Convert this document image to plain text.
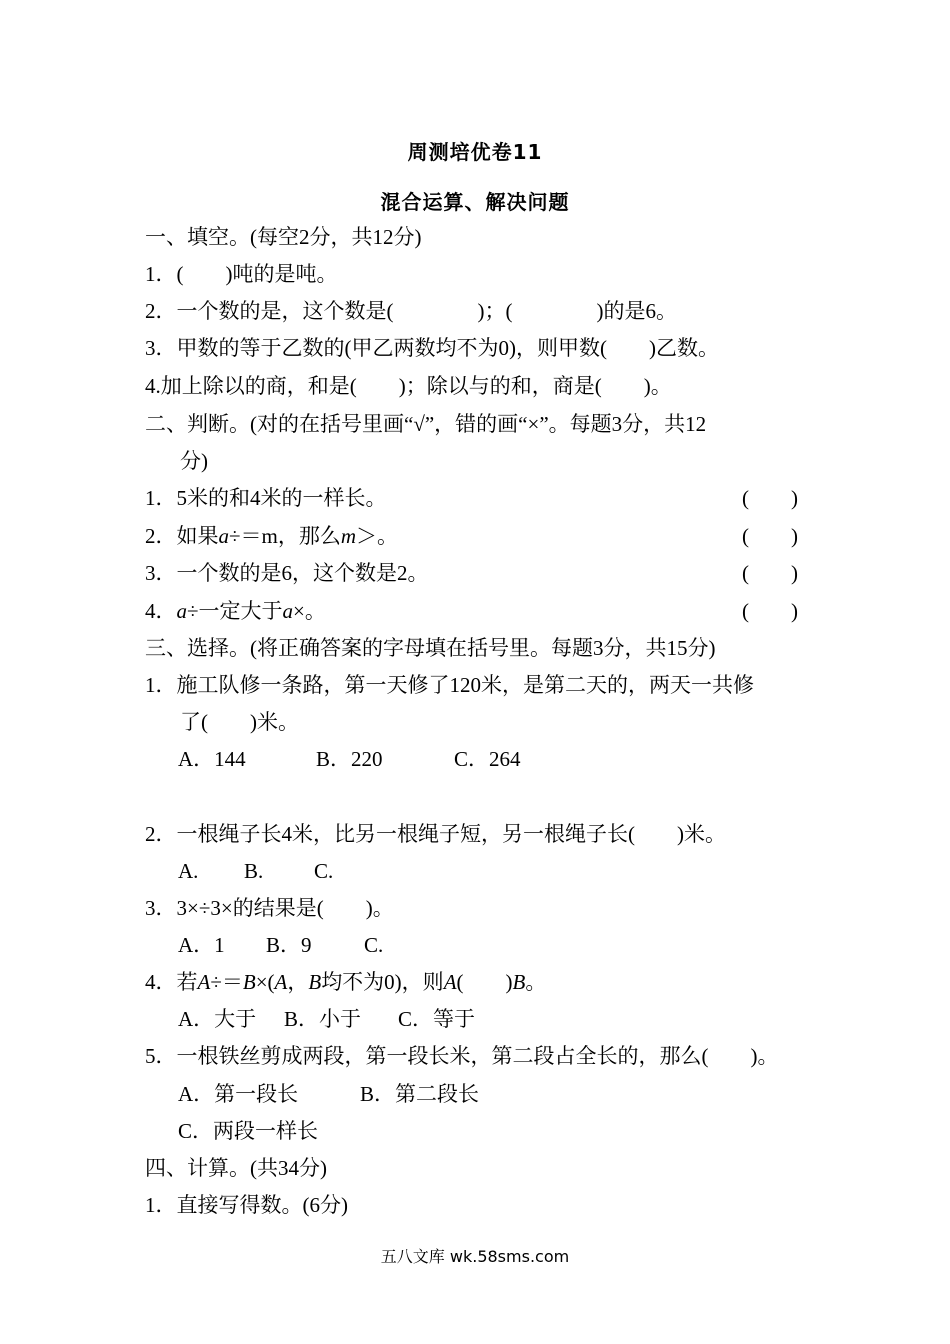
周测培优卷11
混合运算、解决问题
一、填空。(每空2分，共12分)
1．(　　)吨的是吨。
2．一个数的是，这个数是(　　　　)；(　　　　)的是6。
3．甲数的等于乙数的(甲乙两数均不为0)，则甲数(　　)乙数。
4.加上除以的商，和是(　　)；除以与的和，商是(　　)。
二、判断。(对的在括号里画“√”，错的画“×”。每题3分，共12
分)
1．5米的和4米的一样长。	(　　)
2．如果a÷＝m，那么m＞。	(　　)
3．一个数的是6，这个数是2。	(　　)
4．a÷一定大于a×。	(　　)
三、选择。(将正确答案的字母填在括号里。每题3分，共15分)
1．施工队修一条路，第一天修了120米，是第二天的，两天一共修
了(　　)米。
A．144	B．220	C．264
2．一根绳子长4米，比另一根绳子短，另一根绳子长(　　)米。
A. B. C.
3．3×÷3×的结果是(　　)。
A．1 B．9 C.
4．若A÷＝B×(A，B均不为0)，则A(　　)B。
A．大于 B．小于 C．等于
5．一根铁丝剪成两段，第一段长米，第二段占全长的，那么(　　)。
A．第一段长	B．第二段长
C．两段一样长
四、计算。(共34分)
1．直接写得数。(6分)
五八文库 wk.58sms.com
